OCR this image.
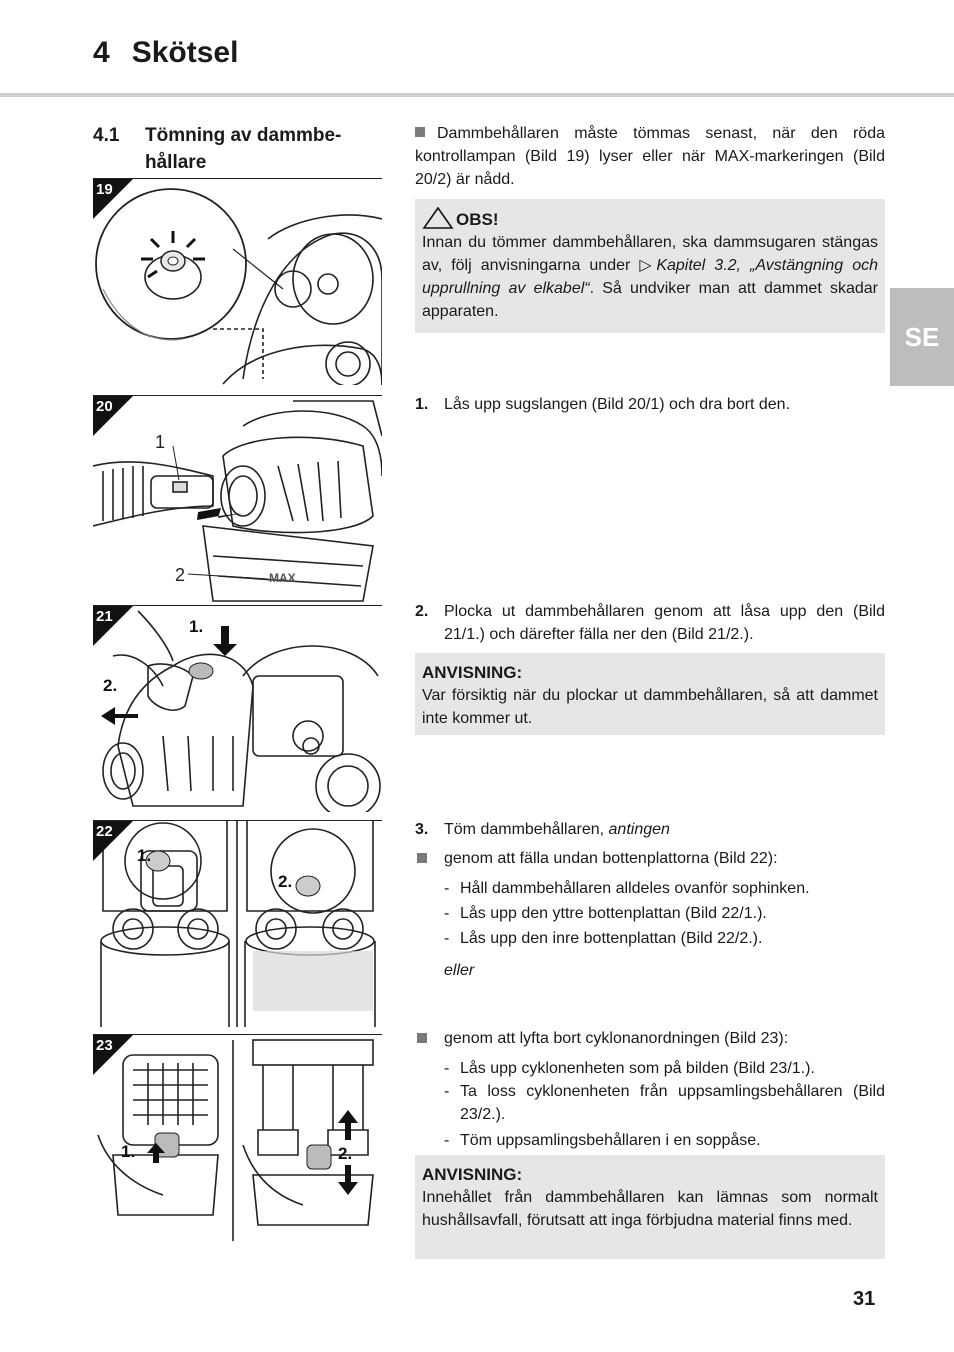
4 Skötsel
SE
4.1 Tömning av dammbe-hållare
19
1
2	MAX
20
1.
2.
21
1.
2.
22
1.	2.
23
Dammbehållaren måste tömmas senast, när den röda kontrollampan (Bild 19) lyser eller när MAX-markeringen (Bild 20/2) är nådd.
OBS!
Innan du tömmer dammbehållaren, ska dammsugaren stängas av, följ anvisningarna under ▷Kapitel 3.2, „Avstängning och upprullning av elkabel“. Så undviker man att dammet skadar apparaten.
1. Lås upp sugslangen (Bild 20/1) och dra bort den.
2. Plocka ut dammbehållaren genom att låsa upp den (Bild 21/1.) och därefter fälla ner den (Bild 21/2.).
ANVISNING:
Var försiktig när du plockar ut dammbehållaren, så att dammet inte kommer ut.
3. Töm dammbehållaren, antingen
genom att fälla undan bottenplattorna (Bild 22):
- Håll dammbehållaren alldeles ovanför sophinken.
- Lås upp den yttre bottenplattan (Bild 22/1.).
- Lås upp den inre bottenplattan (Bild 22/2.).
eller
genom att lyfta bort cyklonanordningen (Bild 23):
- Lås upp cyklonenheten som på bilden (Bild 23/1.).
- Ta loss cyklonenheten från uppsamlingsbehållaren (Bild 23/2.).
- Töm uppsamlingsbehållaren i en soppåse.
ANVISNING:
Innehållet från dammbehållaren kan lämnas som normalt hushållsavfall, förutsatt att inga förbjudna material finns med.
31
